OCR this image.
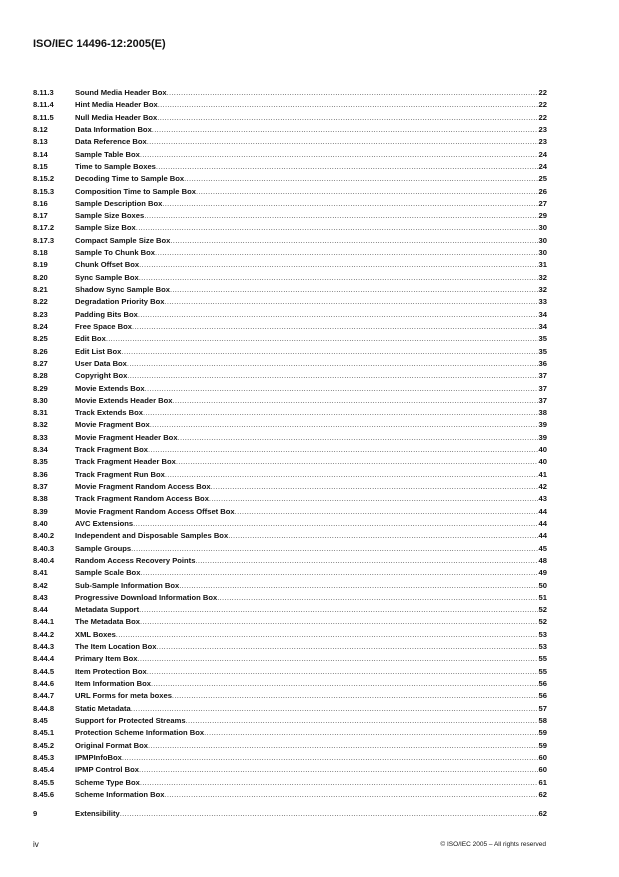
ISO/IEC 14496-12:2005(E)
8.11.3	Sound Media Header Box .....	22
8.11.4	Hint Media Header Box .....	22
8.11.5	Null Media Header Box .....	22
8.12	Data Information Box .....	23
8.13	Data Reference Box .....	23
8.14	Sample Table Box .....	24
8.15	Time to Sample Boxes .....	24
8.15.2	Decoding Time to Sample Box .....	25
8.15.3	Composition Time to Sample Box .....	26
8.16	Sample Description Box .....	27
8.17	Sample Size Boxes .....	29
8.17.2	Sample Size Box .....	30
8.17.3	Compact Sample Size Box .....	30
8.18	Sample To Chunk Box .....	30
8.19	Chunk Offset Box .....	31
8.20	Sync Sample Box .....	32
8.21	Shadow Sync Sample Box .....	32
8.22	Degradation Priority Box .....	33
8.23	Padding Bits Box .....	34
8.24	Free Space Box .....	34
8.25	Edit Box .....	35
8.26	Edit List Box .....	35
8.27	User Data Box .....	36
8.28	Copyright Box .....	37
8.29	Movie Extends Box .....	37
8.30	Movie Extends Header Box .....	37
8.31	Track Extends Box .....	38
8.32	Movie Fragment Box .....	39
8.33	Movie Fragment Header Box .....	39
8.34	Track Fragment Box .....	40
8.35	Track Fragment Header Box .....	40
8.36	Track Fragment Run Box .....	41
8.37	Movie Fragment Random Access Box .....	42
8.38	Track Fragment Random Access Box .....	43
8.39	Movie Fragment Random Access Offset Box .....	44
8.40	AVC Extensions .....	44
8.40.2	Independent and Disposable Samples Box .....	44
8.40.3	Sample Groups .....	45
8.40.4	Random Access Recovery Points .....	48
8.41	Sample Scale Box .....	49
8.42	Sub-Sample Information Box .....	50
8.43	Progressive Download Information Box .....	51
8.44	Metadata Support .....	52
8.44.1	The Metadata Box .....	52
8.44.2	XML Boxes .....	53
8.44.3	The Item Location Box .....	53
8.44.4	Primary Item Box .....	55
8.44.5	Item Protection Box .....	55
8.44.6	Item Information Box .....	56
8.44.7	URL Forms for meta boxes .....	56
8.44.8	Static Metadata .....	57
8.45	Support for Protected Streams .....	58
8.45.1	Protection Scheme Information Box .....	59
8.45.2	Original Format Box .....	59
8.45.3	IPMPInfoBox .....	60
8.45.4	IPMP Control Box .....	60
8.45.5	Scheme Type Box .....	61
8.45.6	Scheme Information Box .....	62
9	Extensibility .....	62
iv	© ISO/IEC 2005 – All rights reserved
